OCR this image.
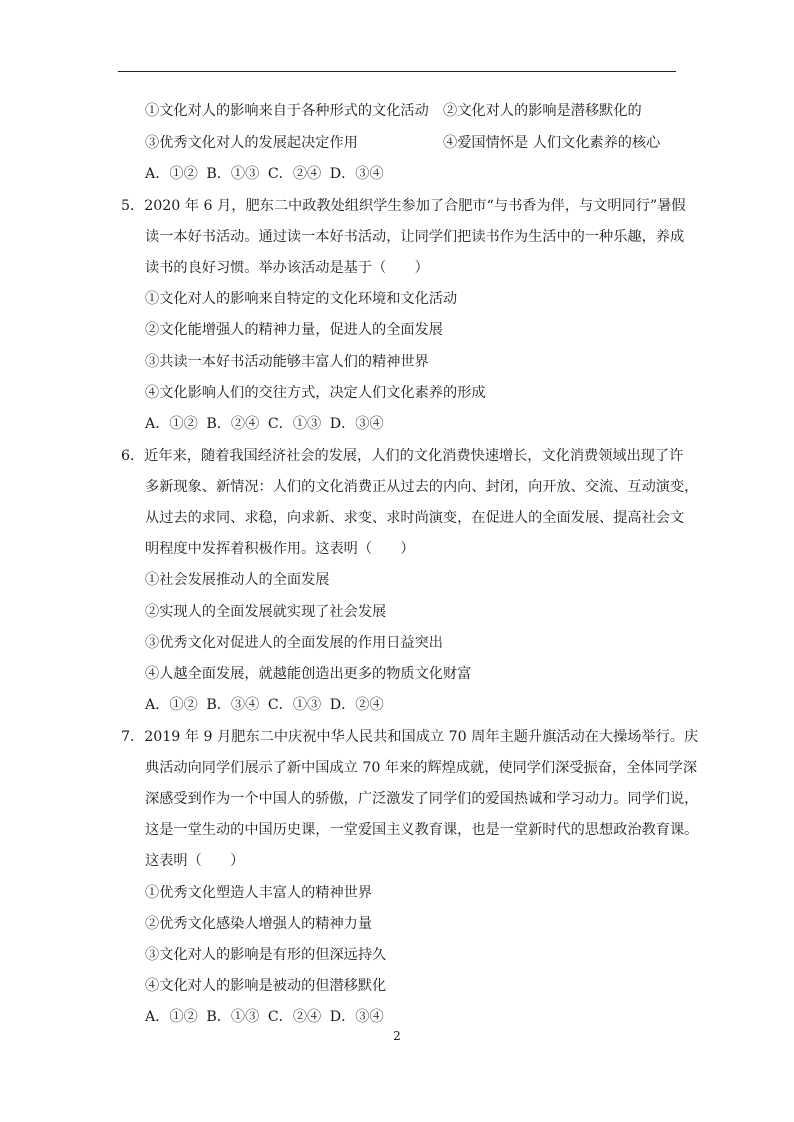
①文化对人的影响来自于各种形式的文化活动 ②文化对人的影响是潜移默化的
③优秀文化对人的发展起决定作用	④爱国情怀是 人们文化素养的核心
A．①② B．①③ C．②④ D．③④
5．2020 年 6 月，肥东二中政教处组织学生参加了合肥市“与书香为伴，与文明同行”暑假
读一本好书活动。通过读一本好书活动，让同学们把读书作为生活中的一种乐趣，养成
读书的良好习惯。举办该活动是基于（　　）
①文化对人的影响来自特定的文化环境和文化活动
②文化能增强人的精神力量，促进人的全面发展
③共读一本好书活动能够丰富人们的精神世界
④文化影响人们的交往方式，决定人们文化素养的形成
A．①② B．②④ C．①③ D．③④
6．近年来，随着我国经济社会的发展，人们的文化消费快速增长，文化消费领域出现了许
多新现象、新情况：人们的文化消费正从过去的内向、封闭，向开放、交流、互动演变，
从过去的求同、求稳，向求新、求变、求时尚演变，在促进人的全面发展、提高社会文
明程度中发挥着积极作用。这表明（　　）
①社会发展推动人的全面发展
②实现人的全面发展就实现了社会发展
③优秀文化对促进人的全面发展的作用日益突出
④人越全面发展，就越能创造出更多的物质文化财富
A．①② B．③④ C．①③ D．②④
7．2019 年 9 月肥东二中庆祝中华人民共和国成立 70 周年主题升旗活动在大操场举行。庆
典活动向同学们展示了新中国成立 70 年来的辉煌成就，使同学们深受振奋，全体同学深
深感受到作为一个中国人的骄傲，广泛激发了同学们的爱国热诚和学习动力。同学们说，
这是一堂生动的中国历史课，一堂爱国主义教育课，也是一堂新时代的思想政治教育课。
这表明（　　）
①优秀文化塑造人丰富人的精神世界
②优秀文化感染人增强人的精神力量
③文化对人的影响是有形的但深远持久
④文化对人的影响是被动的但潜移默化
A．①② B．①③ C．②④ D．③④
2
